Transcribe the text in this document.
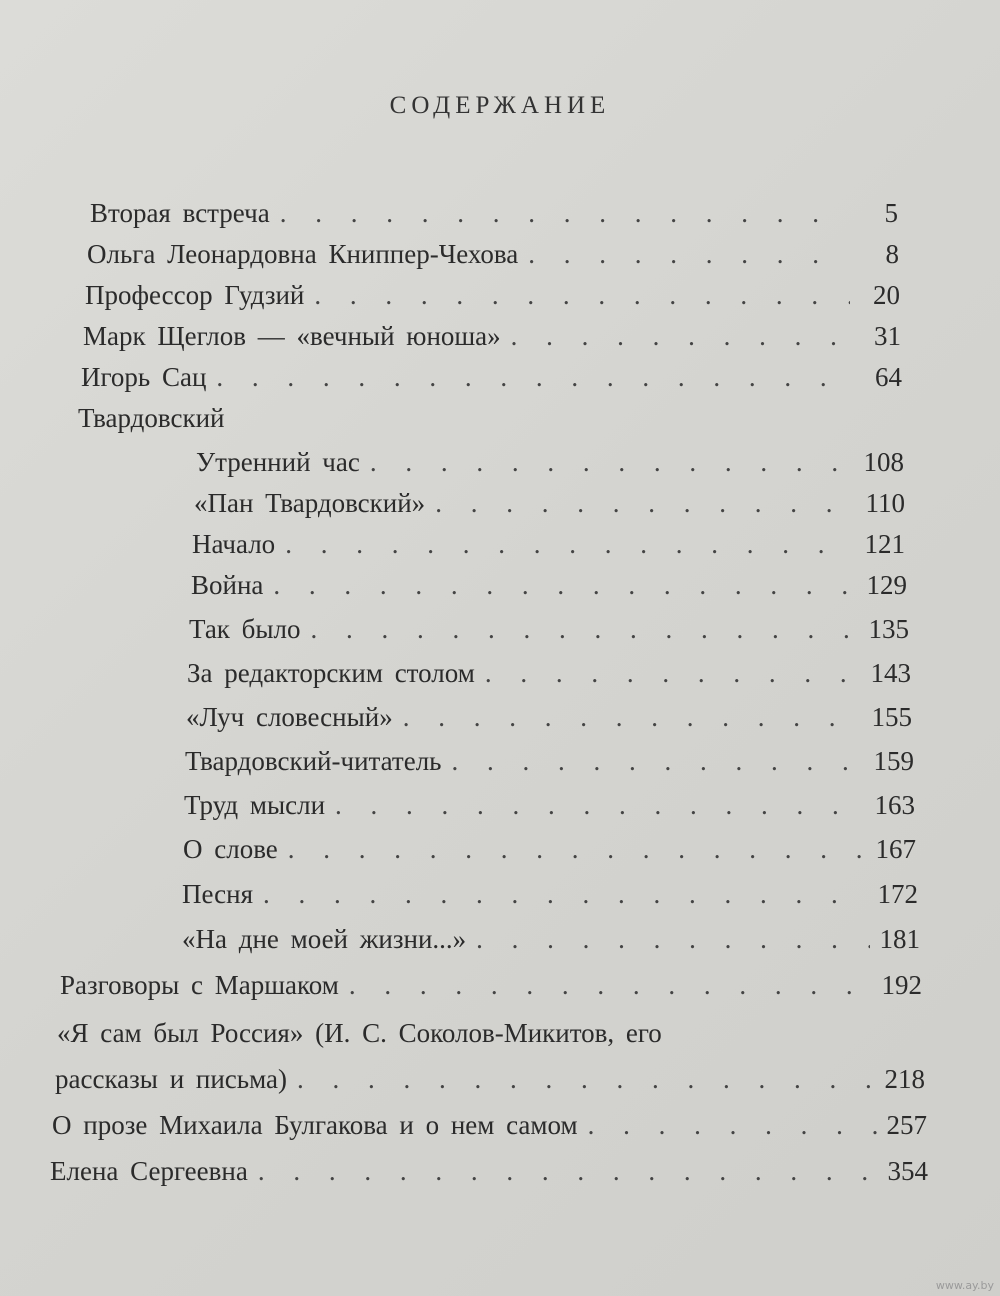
СОДЕРЖАНИЕ
Вторая встреча . . .	5
Ольга Леонардовна Книппер-Чехова . . .	8
Профессор Гудзий . . .	20
Марк Щеглов — «вечный юноша» . . .	31
Игорь Сац . . .	64
Твардовский
Утренний час . . .	108
«Пан Твардовский» . . .	110
Начало . . .	121
Война . . .	129
Так было . . .	135
За редакторским столом . . .	143
«Луч словесный» . . .	155
Твардовский-читатель . . .	159
Труд мысли . . .	163
О слове . . .	167
Песня . . .	172
«На дне моей жизни...» . . .	181
Разговоры с Маршаком . . .	192
«Я сам был Россия» (И. С. Соколов-Микитов, его
рассказы и письма) . . .	218
О прозе Михаила Булгакова и о нем самом . . .	257
Елена Сергеевна . . .	354
www.ay.by
